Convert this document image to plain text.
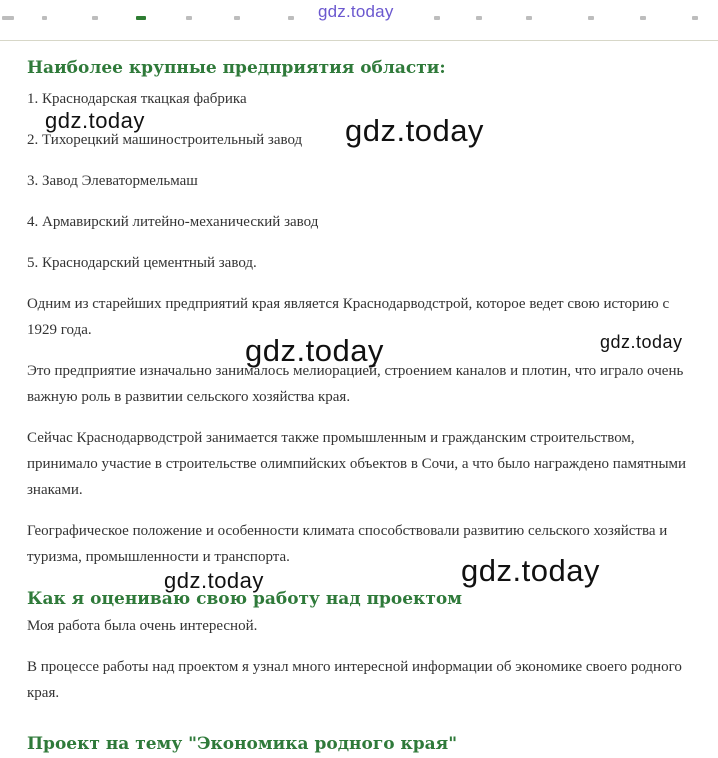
gdz.today
Наиболее крупные предприятия области:

1. Краснодарская ткацкая фабрика

2. Тихорецкий машиностроительный завод

3. Завод Элеватормельмаш

4. Армавирский литейно-механический завод

5. Краснодарский цементный завод.

Одним из старейших предприятий края является Краснодарводстрой, которое ведет свою историю с 1929 года.

Это предприятие изначально занималось мелиорацией, строением каналов и плотин, что играло очень важную роль в развитии сельского хозяйства края.

Сейчас Краснодарводстрой занимается также промышленным и гражданским строительством, принимало участие в строительстве олимпийских объектов в Сочи, а что было награждено памятными знаками.

Географическое положение и особенности климата способствовали развитию сельского хозяйства и туризма, промышленности и транспорта.

Как я оцениваю свою работу над проектом

Моя работа была очень интересной.

В процессе работы над проектом я узнал много интересной информации об экономике своего родного края.

Проект на тему "Экономика родного края"
gdz.today	gdz.today
gdz.today	gdz.today
gdz.today	gdz.today
